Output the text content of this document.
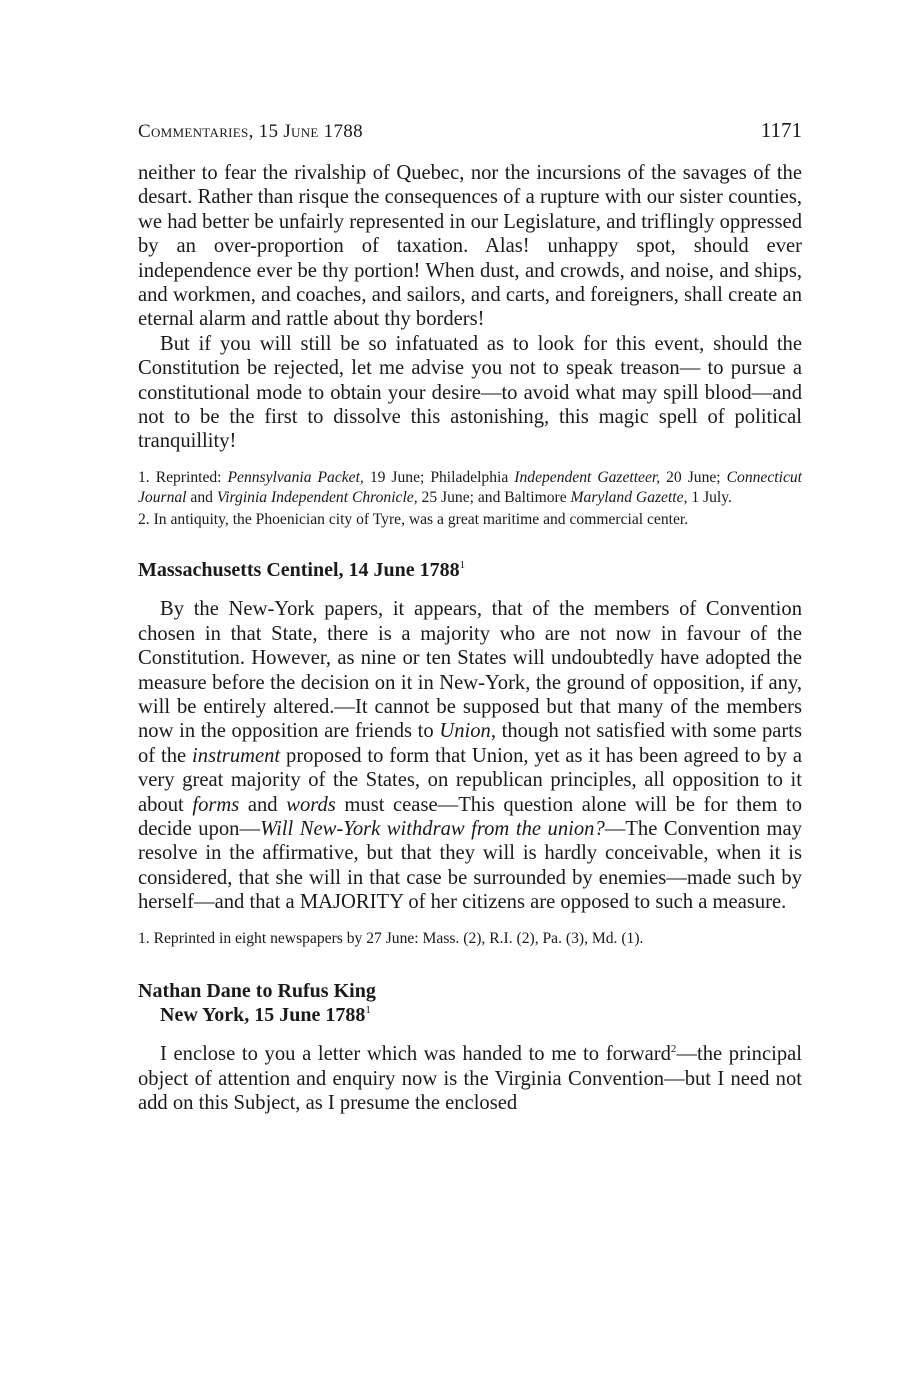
Commentaries, 15 June 1788	1171

neither to fear the rivalship of Quebec, nor the incursions of the savages of the desart. Rather than risque the consequences of a rupture with our sister counties, we had better be unfairly represented in our Legislature, and triflingly oppressed by an over-proportion of taxation. Alas! unhappy spot, should ever independence ever be thy portion! When dust, and crowds, and noise, and ships, and workmen, and coaches, and sailors, and carts, and foreigners, shall create an eternal alarm and rattle about thy borders!

But if you will still be so infatuated as to look for this event, should the Constitution be rejected, let me advise you not to speak treason— to pursue a constitutional mode to obtain your desire—to avoid what may spill blood—and not to be the first to dissolve this astonishing, this magic spell of political tranquillity!

1. Reprinted: Pennsylvania Packet, 19 June; Philadelphia Independent Gazetteer, 20 June; Connecticut Journal and Virginia Independent Chronicle, 25 June; and Baltimore Maryland Gazette, 1 July.

2. In antiquity, the Phoenician city of Tyre, was a great maritime and commercial center.

Massachusetts Centinel, 14 June 1788$^1$

By the New-York papers, it appears, that of the members of Convention chosen in that State, there is a majority who are not now in favour of the Constitution. However, as nine or ten States will undoubtedly have adopted the measure before the decision on it in New-York, the ground of opposition, if any, will be entirely altered.—It cannot be supposed but that many of the members now in the opposition are friends to Union, though not satisfied with some parts of the instrument proposed to form that Union, yet as it has been agreed to by a very great majority of the States, on republican principles, all opposition to it about forms and words must cease—This question alone will be for them to decide upon—Will New-York withdraw from the union?—The Convention may resolve in the affirmative, but that they will is hardly conceivable, when it is considered, that she will in that case be surrounded by enemies—made such by herself—and that a MAJORITY of her citizens are opposed to such a measure.

1. Reprinted in eight newspapers by 27 June: Mass. (2), R.I. (2), Pa. (3), Md. (1).

Nathan Dane to Rufus King
New York, 15 June 1788$^1$

I enclose to you a letter which was handed to me to forward$^2$—the principal object of attention and enquiry now is the Virginia Convention—but I need not add on this Subject, as I presume the enclosed
